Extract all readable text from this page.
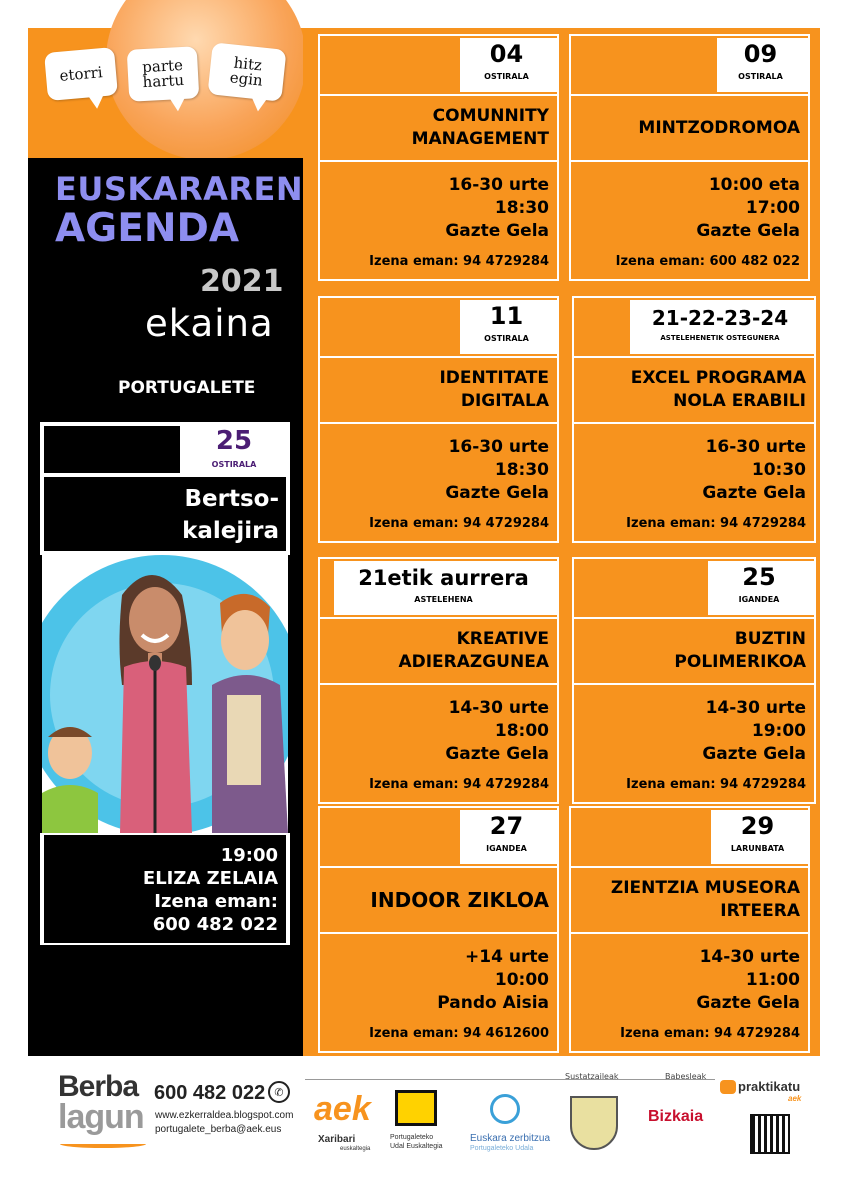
etorri	parte hartu
hitz egin
EUSKARAREN
AGENDA
2021
ekaina
PORTUGALETE
25
OSTIRALA
Bertso-kalejira
19:00
ELIZA ZELAIA
Izena eman:
600 482 022
04
OSTIRALA
COMUNNITY MANAGEMENT
16-30 urte
18:30
Gazte Gela
Izena eman: 94 4729284
09
OSTIRALA
MINTZODROMOA
10:00 eta
17:00
Gazte Gela
Izena eman: 600 482 022
11
OSTIRALA
IDENTITATE DIGITALA
16-30 urte
18:30
Gazte Gela
Izena eman: 94 4729284
21-22-23-24
ASTELEHENETIK OSTEGUNERA
EXCEL PROGRAMA NOLA ERABILI
16-30 urte
10:30
Gazte Gela
Izena eman: 94 4729284
21etik aurrera
ASTELEHENA
KREATIVE ADIERAZGUNEA
14-30 urte
18:00
Gazte Gela
Izena eman: 94 4729284
25
IGANDEA
BUZTIN POLIMERIKOA
14-30 urte
19:00
Gazte Gela
Izena eman: 94 4729284
27
IGANDEA
INDOOR ZIKLOA
+14 urte
10:00
Pando Aisia
Izena eman: 94 4612600
29
LARUNBATA
ZIENTZIA MUSEORA IRTEERA
14-30 urte
11:00
Gazte Gela
Izena eman: 94 4729284
Berba
lagun
600 482 022 ✆
www.ezkerraldea.blogspot.com
portugalete_berba@aek.eus
Sustatzaileak	Babesleak
aek
Xaribari
euskaltegia
Portugaleteko
Udal Euskaltegia
Euskara zerbitzua
Portugaleteko Udala
Bizkaia
praktikatu
aek
